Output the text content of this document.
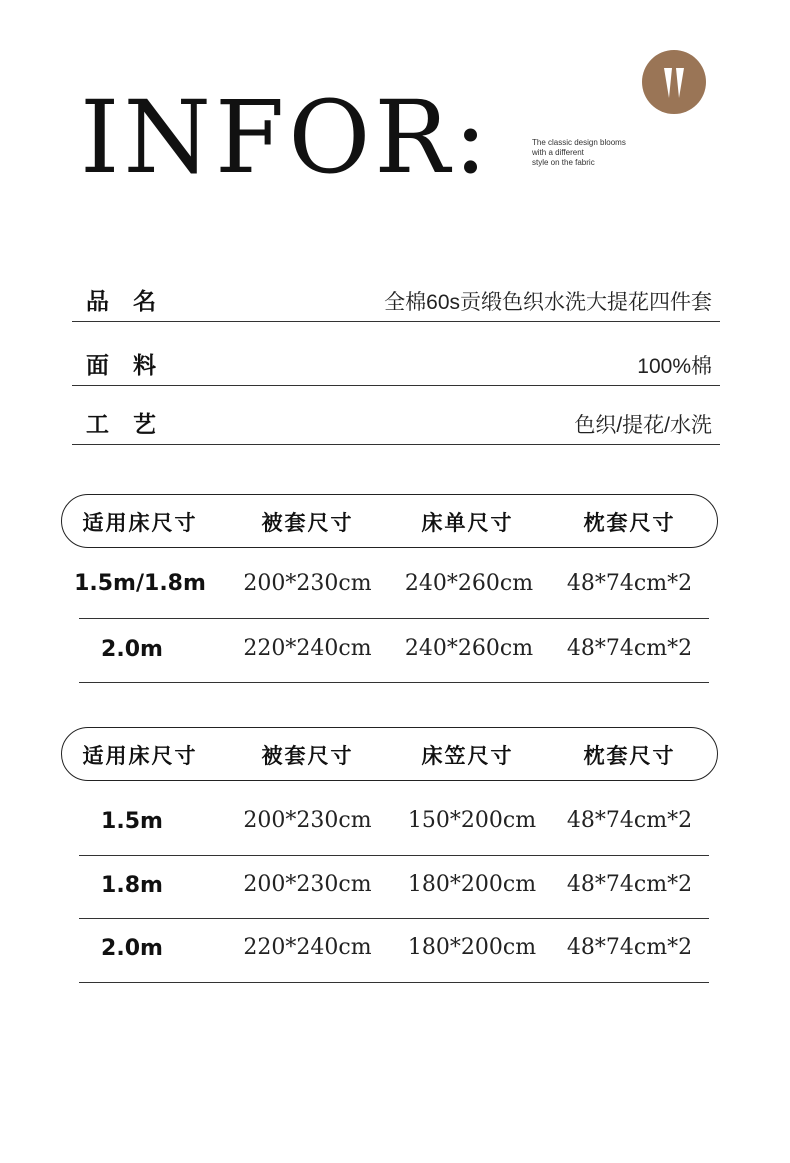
INFOR:	The classic design blooms
with a different
style on the fabric
品名	全棉60s贡缎色织水洗大提花四件套
面料	100%棉
工艺	色织/提花/水洗
适用床尺寸	被套尺寸	床单尺寸	枕套尺寸
1.5m/1.8m 200*230cm 240*260cm 48*74cm*2
2.0m	220*240cm 240*260cm 48*74cm*2
适用床尺寸	被套尺寸	床笠尺寸	枕套尺寸
1.5m	200*230cm 150*200cm 48*74cm*2
1.8m	200*230cm 180*200cm 48*74cm*2
2.0m	220*240cm 180*200cm 48*74cm*2
